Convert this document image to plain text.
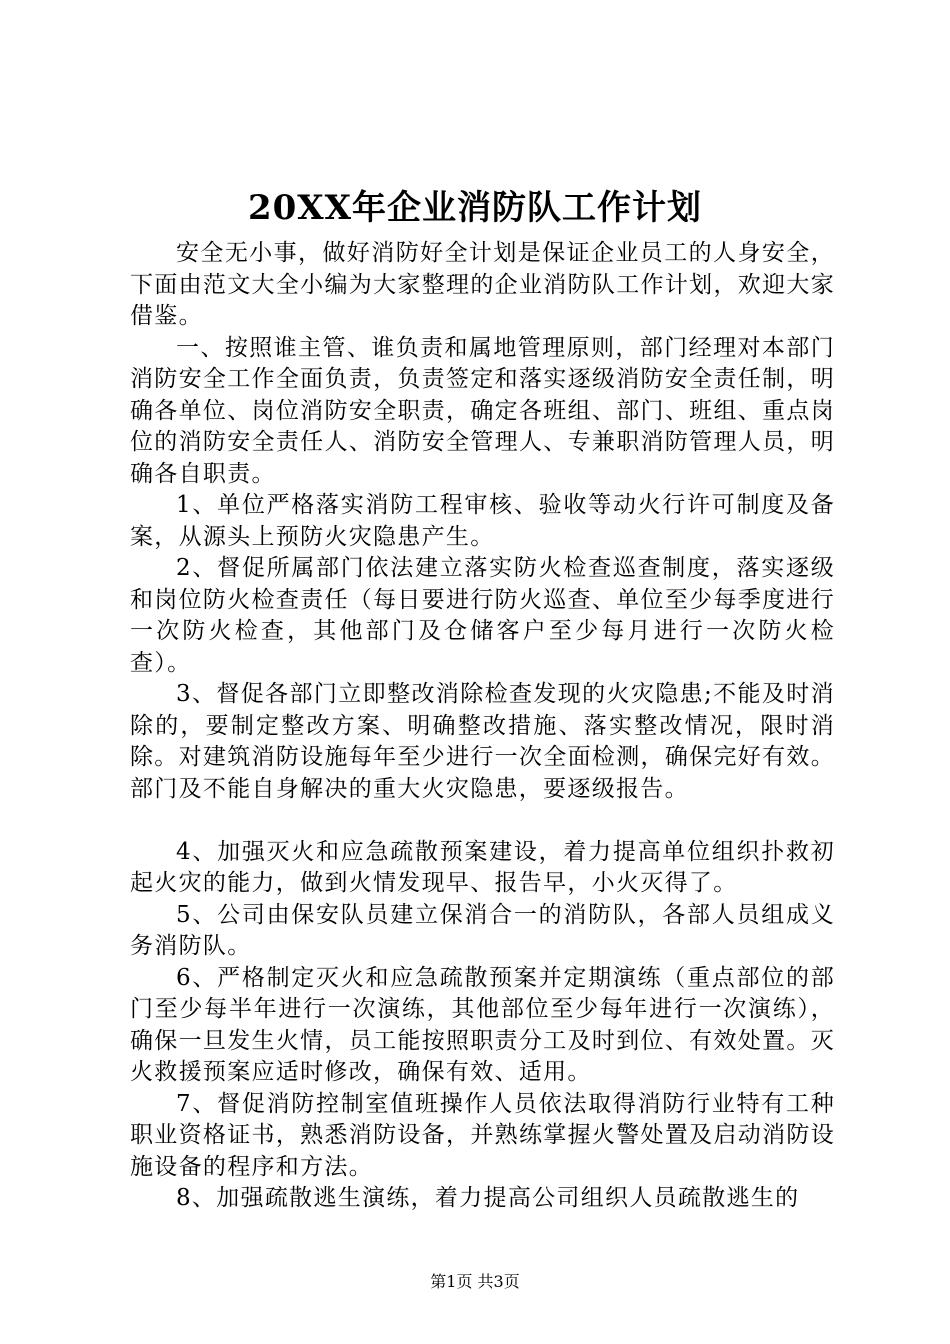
20XX年企业消防队工作计划

安全无小事，做好消防好全计划是保证企业员工的人身安全，下面由范文大全小编为大家整理的企业消防队工作计划，欢迎大家借鉴。

一、按照谁主管、谁负责和属地管理原则，部门经理对本部门消防安全工作全面负责，负责签定和落实逐级消防安全责任制，明确各单位、岗位消防安全职责，确定各班组、部门、班组、重点岗位的消防安全责任人、消防安全管理人、专兼职消防管理人员，明确各自职责。

1、单位严格落实消防工程审核、验收等动火行许可制度及备案，从源头上预防火灾隐患产生。

2、督促所属部门依法建立落实防火检查巡查制度，落实逐级和岗位防火检查责任（每日要进行防火巡查、单位至少每季度进行一次防火检查，其他部门及仓储客户至少每月进行一次防火检查）。

3、督促各部门立即整改消除检查发现的火灾隐患;不能及时消除的，要制定整改方案、明确整改措施、落实整改情况，限时消除。对建筑消防设施每年至少进行一次全面检测，确保完好有效。部门及不能自身解决的重大火灾隐患，要逐级报告。

4、加强灭火和应急疏散预案建设，着力提高单位组织扑救初起火灾的能力，做到火情发现早、报告早，小火灭得了。

5、公司由保安队员建立保消合一的消防队，各部人员组成义务消防队。

6、严格制定灭火和应急疏散预案并定期演练（重点部位的部门至少每半年进行一次演练，其他部位至少每年进行一次演练），确保一旦发生火情，员工能按照职责分工及时到位、有效处置。灭火救援预案应适时修改，确保有效、适用。

7、督促消防控制室值班操作人员依法取得消防行业特有工种职业资格证书，熟悉消防设备，并熟练掌握火警处置及启动消防设施设备的程序和方法。

8、加强疏散逃生演练，着力提高公司组织人员疏散逃生的

第1页 共3页
